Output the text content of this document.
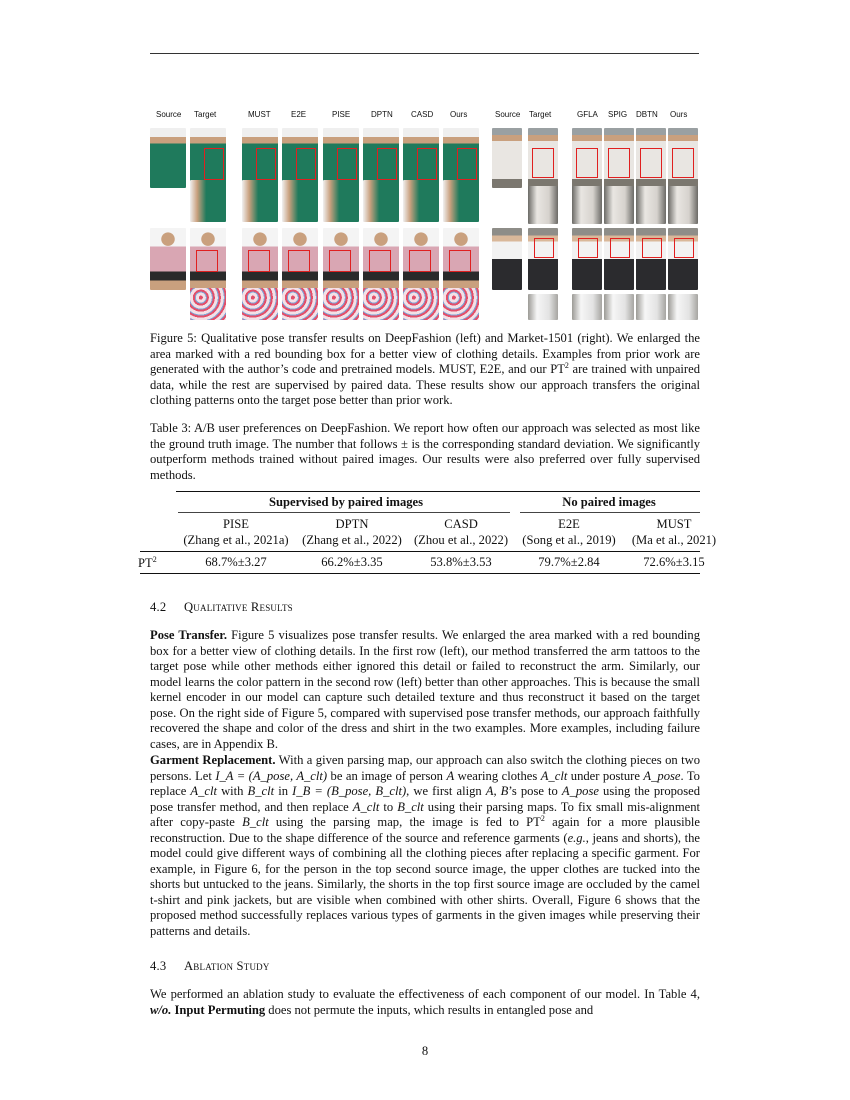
Source Target	MUST	E2E	PISE	DPTN CASD Ours	Source Target	GFLA SPIG DBTN Ours
Figure 5: Qualitative pose transfer results on DeepFashion (left) and Market-1501 (right). We enlarged the area marked with a red bounding box for a better view of clothing details. Examples from prior work are generated with the author’s code and pretrained models. MUST, E2E, and our $PT^2$ are trained with unpaired data, while the rest are supervised by paired data. These results show our approach transfers the original clothing patterns onto the target pose better than prior work.
Table 3: A/B user preferences on DeepFashion. We report how often our approach was selected as most like the ground truth image. The number that follows ± is the corresponding standard deviation. We significantly outperform methods trained without paired images. Our results were also preferred over fully supervised methods.
Supervised by paired images	No paired images
PISE	DPTN	CASD	E2E	MUST
(Zhang et al., 2021a)	(Zhang et al., 2022) (Zhou et al., 2022)	(Song et al., 2019)	(Ma et al., 2021)
$PT^2$	68.7%±3.27	66.2%±3.35	53.8%±3.53	79.7%±2.84	72.6%±3.15
4.2 Qualitative Results
Pose Transfer. Figure 5 visualizes pose transfer results. We enlarged the area marked with a red bounding box for a better view of clothing details. In the first row (left), our method transferred the arm tattoos to the target pose while other methods either ignored this detail or failed to reconstruct the arm. Similarly, our model learns the color pattern in the second row (left) better than other approaches. This is because the small kernel encoder in our model can capture such detailed texture and thus reconstruct it based on the target pose. On the right side of Figure 5, compared with supervised pose transfer methods, our approach faithfully recovered the shape and color of the dress and shirt in the two examples. More examples, including failure cases, are in Appendix B.
Garment Replacement. With a given parsing map, our approach can also switch the clothing pieces on two persons. Let I_A = (A_pose, A_clt) be an image of person A wearing clothes A_clt under posture A_pose. To replace A_clt with B_clt in I_B = (B_pose, B_clt), we first align A, B’s pose to A_pose using the proposed pose transfer method, and then replace A_clt to B_clt using their parsing maps. To fix small mis-alignment after copy-paste B_clt using the parsing map, the image is fed to $PT^2$ again for a more plausible reconstruction. Due to the shape difference of the source and reference garments (e.g., jeans and shorts), the model could give different ways of combining all the clothing pieces after replacing a specific garment. For example, in Figure 6, for the person in the top second source image, the upper clothes are tucked into the shorts but untucked to the jeans. Similarly, the shorts in the top first source image are occluded by the camel t-shirt and pink jackets, but are visible when combined with other shirts. Overall, Figure 6 shows that the proposed method successfully replaces various types of garments in the given images while preserving their patterns and details.
4.3 Ablation Study
We performed an ablation study to evaluate the effectiveness of each component of our model. In Table 4, w/o. Input Permuting does not permute the inputs, which results in entangled pose and
8
